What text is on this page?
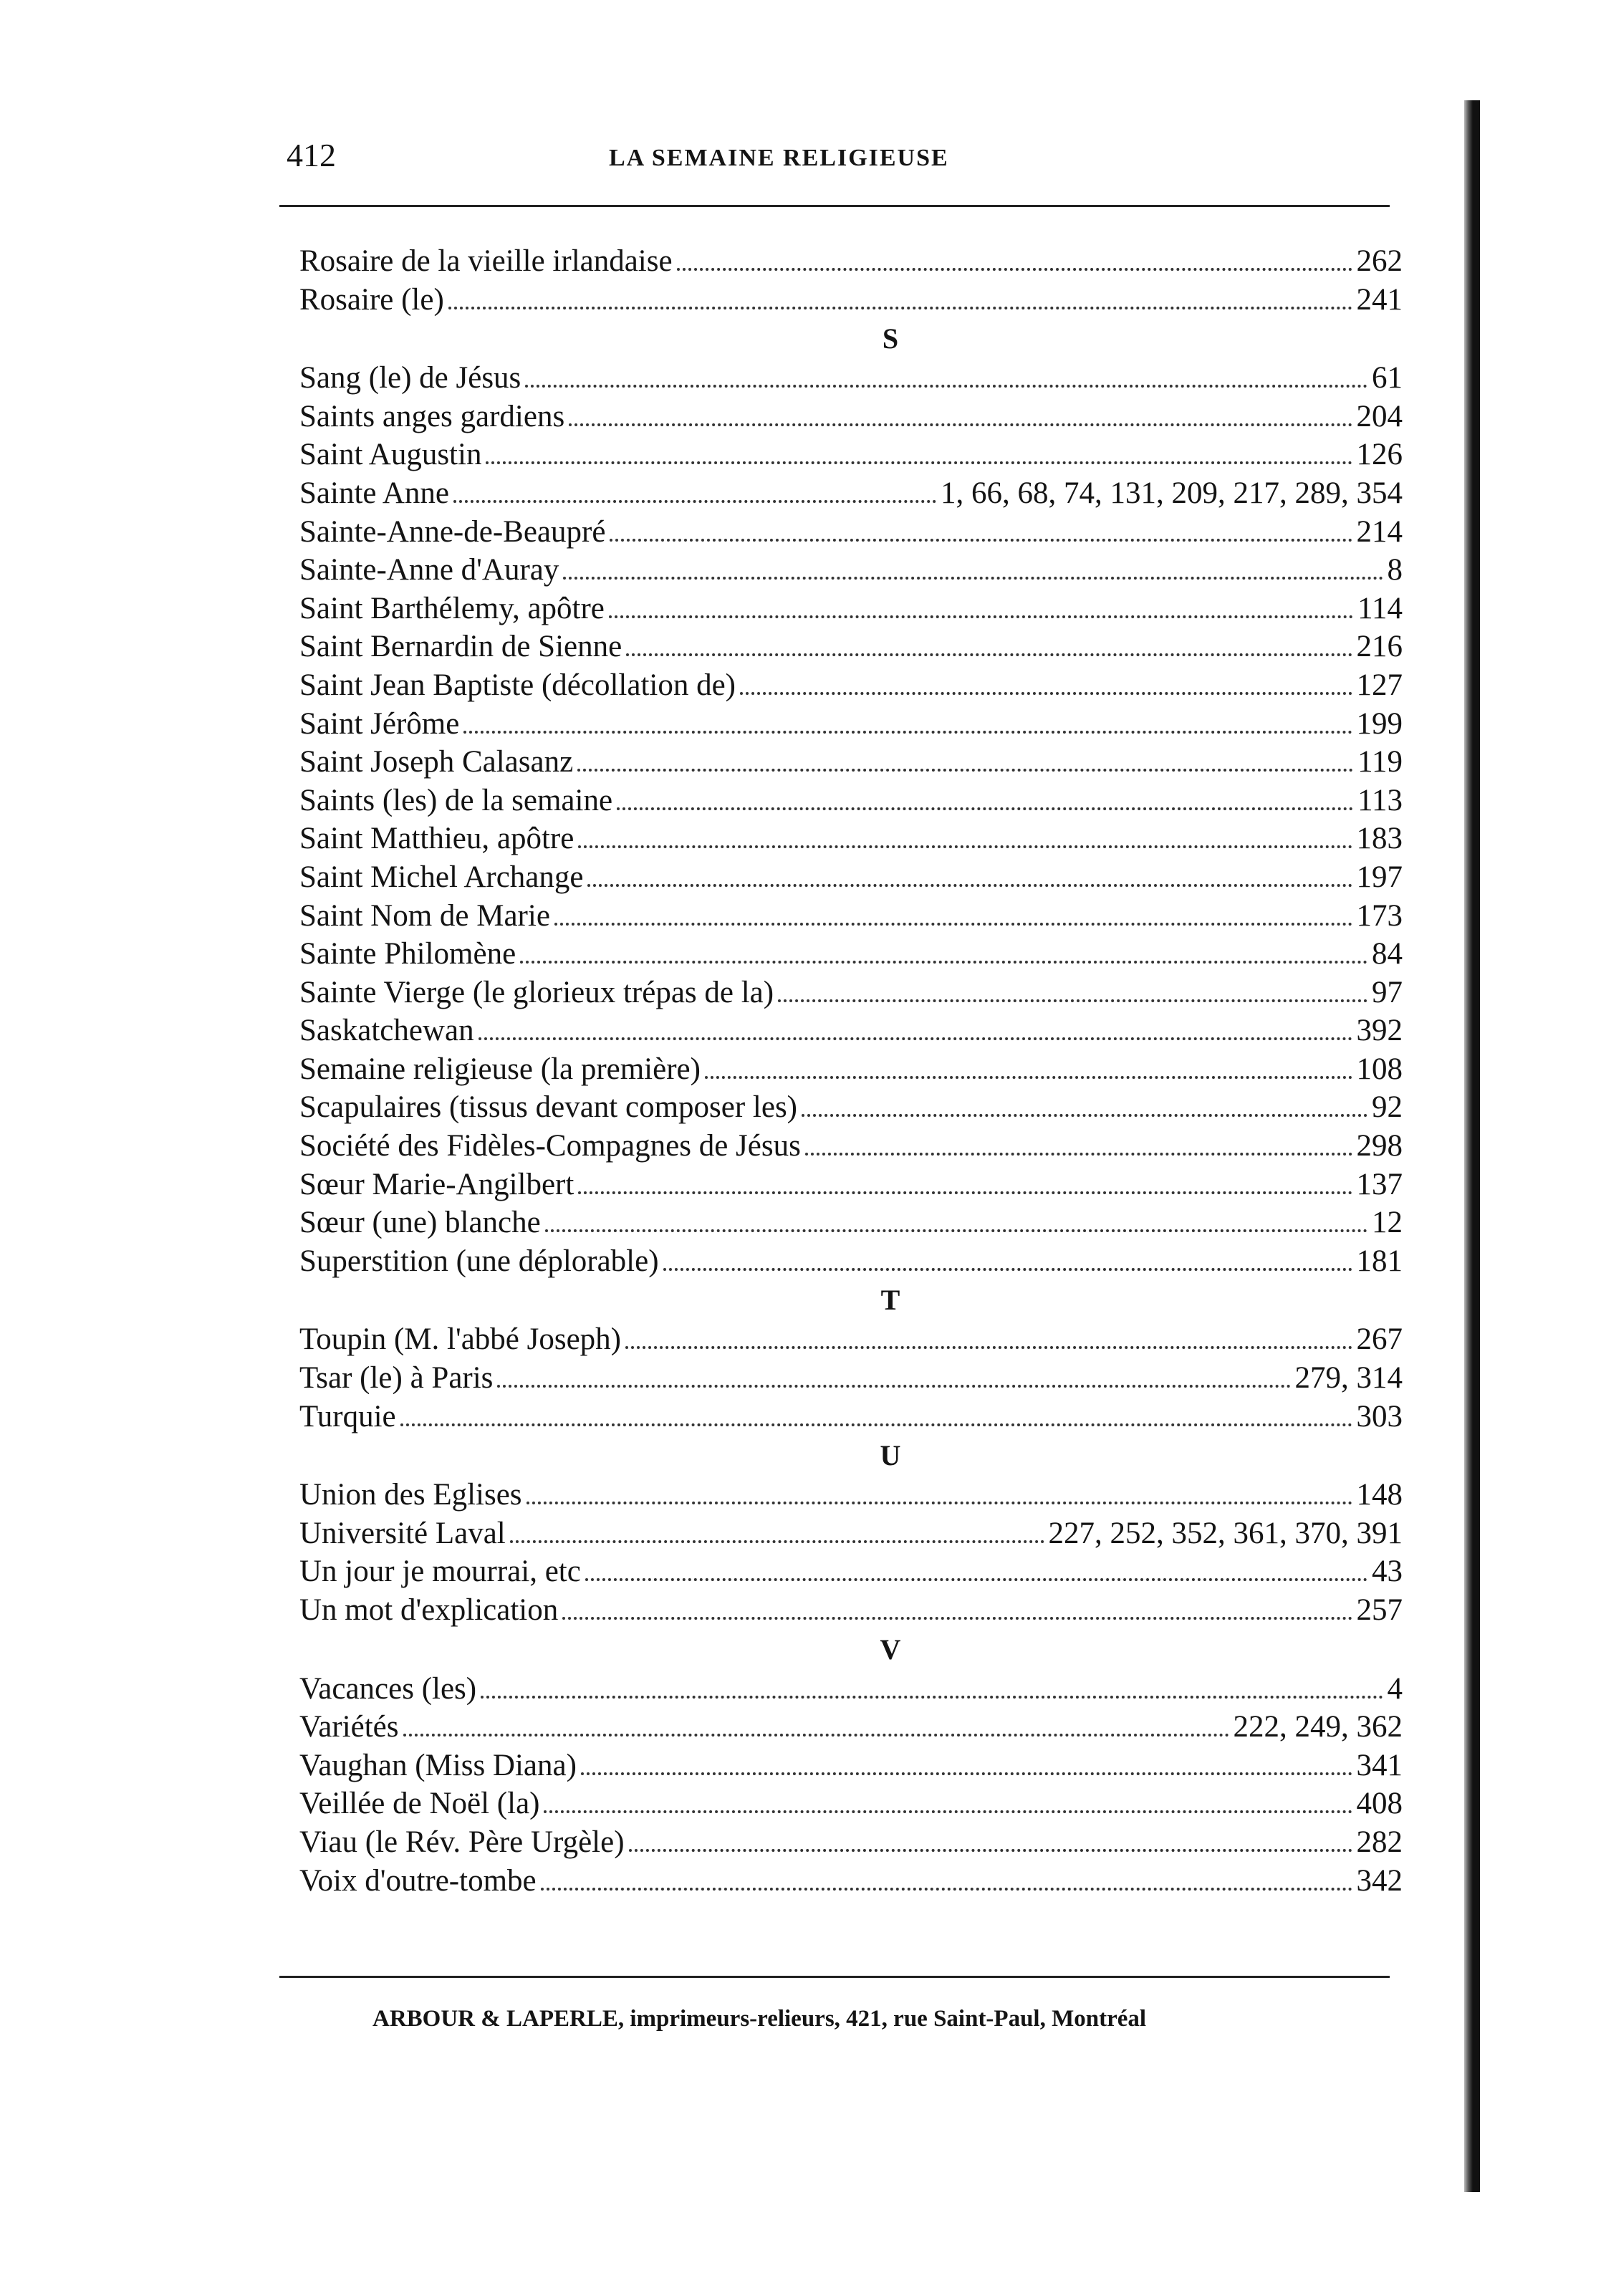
412	LA SEMAINE RELIGIEUSE
Rosaire de la vieille irlandaise	262
Rosaire (le)	241
S
Sang (le) de Jésus	61
Saints anges gardiens	204
Saint Augustin	126
Sainte Anne	1, 66, 68, 74, 131, 209, 217, 289, 354
Sainte-Anne-de-Beaupré	214
Sainte-Anne d'Auray	8
Saint Barthélemy, apôtre	114
Saint Bernardin de Sienne	216
Saint Jean Baptiste (décollation de)	127
Saint Jérôme	199
Saint Joseph Calasanz	119
Saints (les) de la semaine	113
Saint Matthieu, apôtre	183
Saint Michel Archange	197
Saint Nom de Marie	173
Sainte Philomène	84
Sainte Vierge (le glorieux trépas de la)	97
Saskatchewan	392
Semaine religieuse (la première)	108
Scapulaires (tissus devant composer les)	92
Société des Fidèles-Compagnes de Jésus	298
Sœur Marie-Angilbert	137
Sœur (une) blanche	12
Superstition (une déplorable)	181
T
Toupin (M. l'abbé Joseph)	267
Tsar (le) à Paris	279, 314
Turquie	303
U
Union des Eglises	148
Université Laval	227, 252, 352, 361, 370, 391
Un jour je mourrai, etc	43
Un mot d'explication	257
V
Vacances (les)	4
Variétés	222, 249, 362
Vaughan (Miss Diana)	341
Veillée de Noël (la)	408
Viau (le Rév. Père Urgèle)	282
Voix d'outre-tombe	342
ARBOUR & LAPERLE, imprimeurs-relieurs, 421, rue Saint-Paul, Montréal
